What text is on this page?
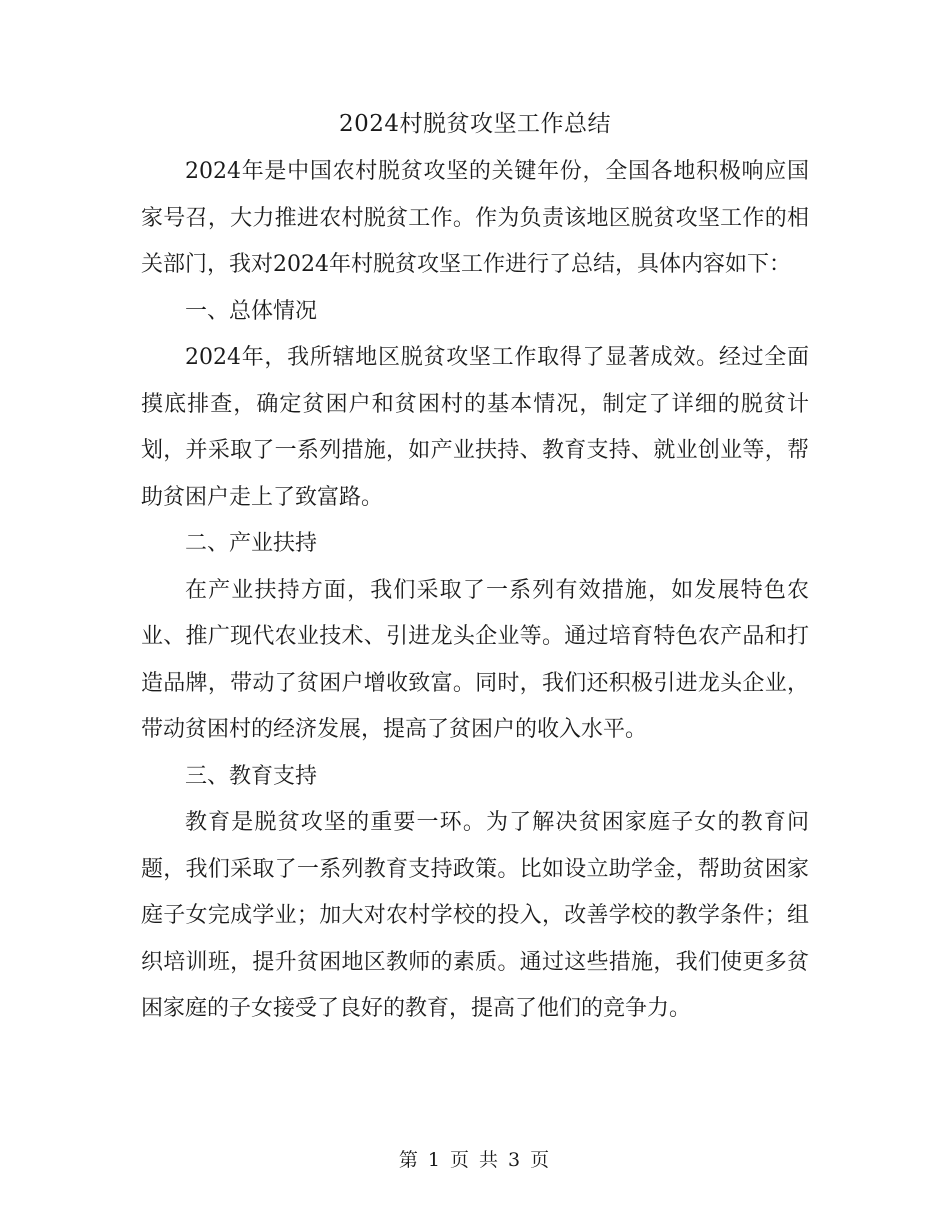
2024村脱贫攻坚工作总结

2024年是中国农村脱贫攻坚的关键年份，全国各地积极响应国家号召，大力推进农村脱贫工作。作为负责该地区脱贫攻坚工作的相关部门，我对2024年村脱贫攻坚工作进行了总结，具体内容如下：

一、总体情况

2024年，我所辖地区脱贫攻坚工作取得了显著成效。经过全面摸底排查，确定贫困户和贫困村的基本情况，制定了详细的脱贫计划，并采取了一系列措施，如产业扶持、教育支持、就业创业等，帮助贫困户走上了致富路。

二、产业扶持

在产业扶持方面，我们采取了一系列有效措施，如发展特色农业、推广现代农业技术、引进龙头企业等。通过培育特色农产品和打造品牌，带动了贫困户增收致富。同时，我们还积极引进龙头企业，带动贫困村的经济发展，提高了贫困户的收入水平。

三、教育支持

教育是脱贫攻坚的重要一环。为了解决贫困家庭子女的教育问题，我们采取了一系列教育支持政策。比如设立助学金，帮助贫困家庭子女完成学业；加大对农村学校的投入，改善学校的教学条件；组织培训班，提升贫困地区教师的素质。通过这些措施，我们使更多贫困家庭的子女接受了良好的教育，提高了他们的竞争力。

第 1 页 共 3 页
